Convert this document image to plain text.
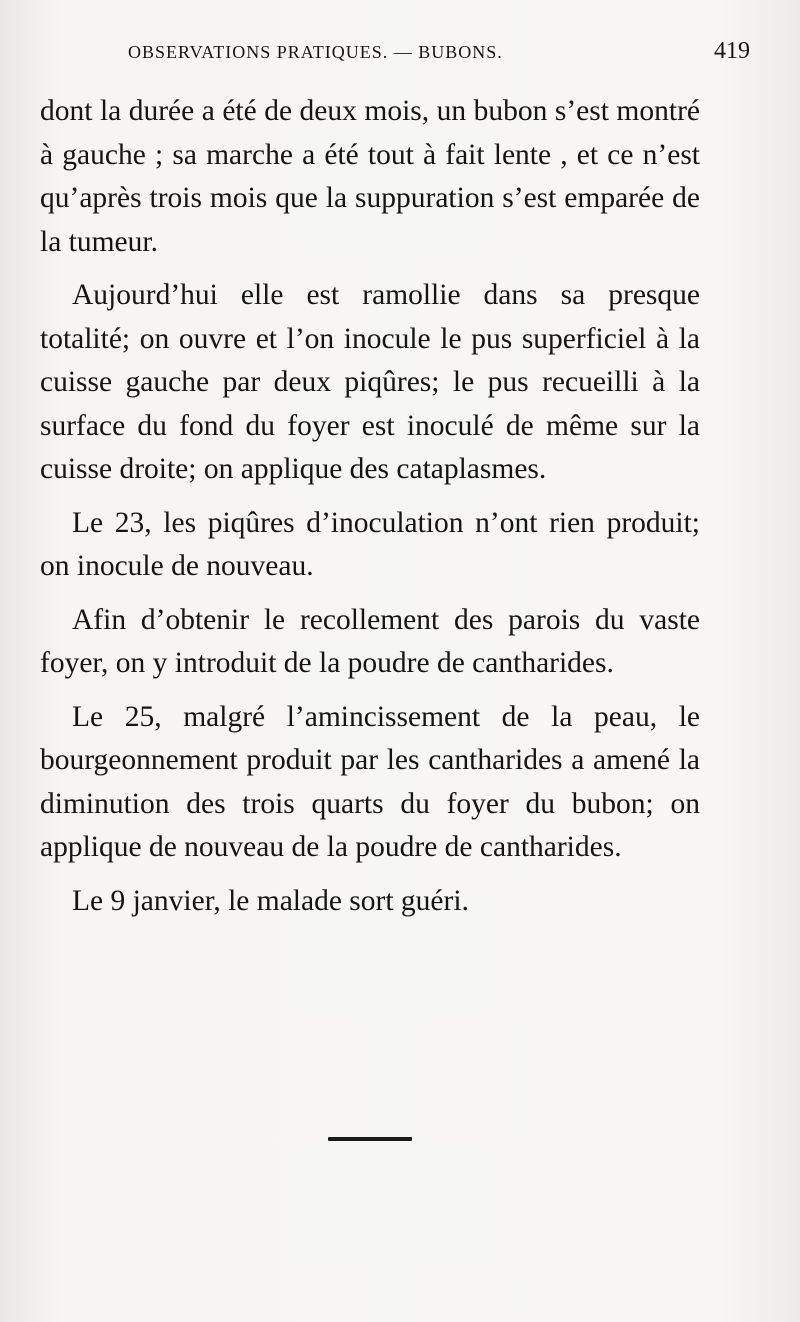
OBSERVATIONS PRATIQUES. — BUBONS.	419

dont la durée a été de deux mois, un bubon s’est montré à gauche ; sa marche a été tout à fait lente , et ce n’est qu’après trois mois que la suppuration s’est emparée de la tumeur.

Aujourd’hui elle est ramollie dans sa presque totalité; on ouvre et l’on inocule le pus superficiel à la cuisse gauche par deux piqûres; le pus recueilli à la surface du fond du foyer est inoculé de même sur la cuisse droite; on applique des cataplasmes.

Le 23, les piqûres d’inoculation n’ont rien produit; on inocule de nouveau.

Afin d’obtenir le recollement des parois du vaste foyer, on y introduit de la poudre de cantharides.

Le 25, malgré l’amincissement de la peau, le bourgeonnement produit par les cantharides a amené la diminution des trois quarts du foyer du bubon; on applique de nouveau de la poudre de cantharides.

Le 9 janvier, le malade sort guéri.
